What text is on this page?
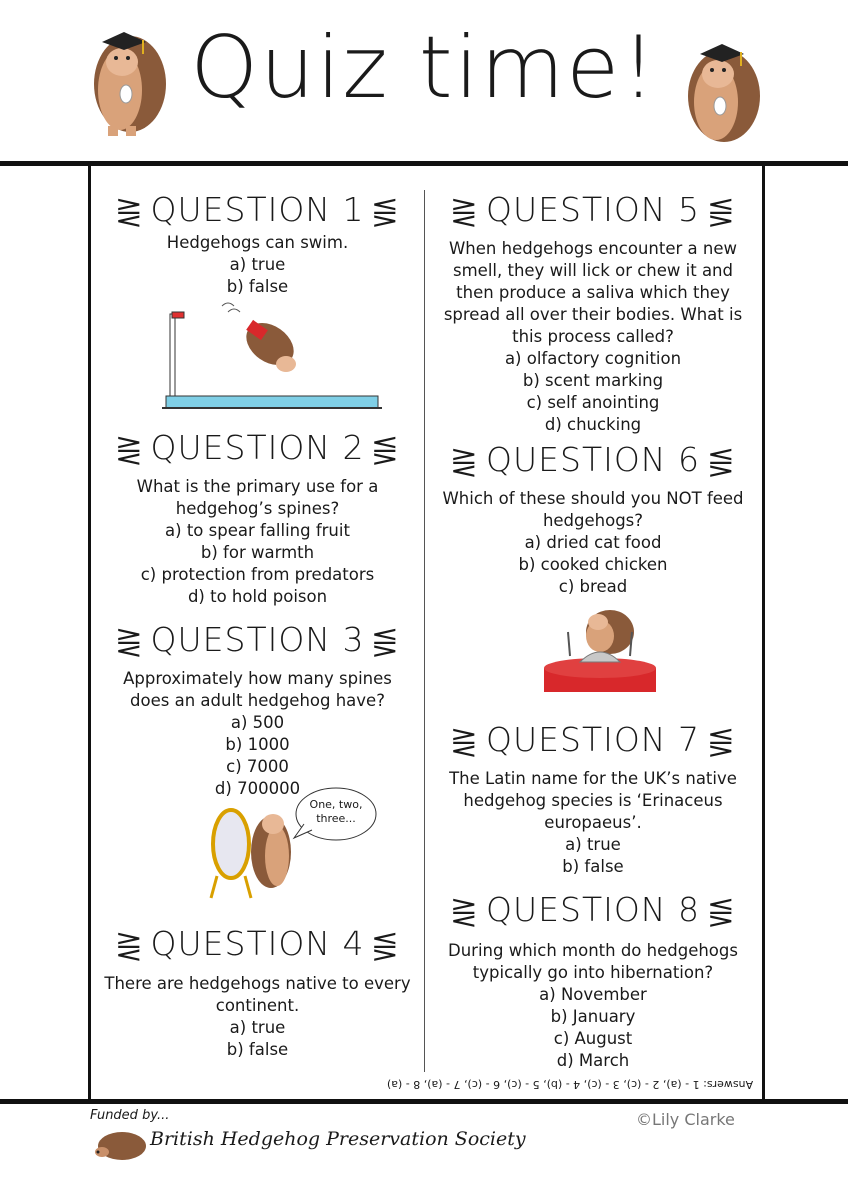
Quiz time!
⋛ QUESTION 1 ⋚
Hedgehogs can swim.
a) true
b) false
⋛ QUESTION 2 ⋚
What is the primary use for a
hedgehog’s spines?
a) to spear falling fruit
b) for warmth
c) protection from predators
d) to hold poison
⋛ QUESTION 3 ⋚
Approximately how many spines
does an adult hedgehog have?
a) 500
b) 1000
c) 7000
d) 700000
One, two,
three...
⋛ QUESTION 4 ⋚
There are hedgehogs native to every
continent.
a) true
b) false
⋛ QUESTION 5 ⋚
When hedgehogs encounter a new
smell, they will lick or chew it and
then produce a saliva which they
spread all over their bodies. What is
this process called?
a) olfactory cognition
b) scent marking
c) self anointing
d) chucking
⋛ QUESTION 6 ⋚
Which of these should you NOT feed
hedgehogs?
a) dried cat food
b) cooked chicken
c) bread
⋛ QUESTION 7 ⋚
The Latin name for the UK’s native
hedgehog species is ‘Erinaceus
europaeus’.
a) true
b) false
⋛ QUESTION 8 ⋚
During which month do hedgehogs
typically go into hibernation?
a) November
b) January
c) August
d) March
Answers: 1 - (a), 2 - (c), 3 - (c), 4 - (b), 5 - (c), 6 - (c), 7 - (a), 8 - (a)
Funded by...
British Hedgehog Preservation Society
©Lily Clarke
